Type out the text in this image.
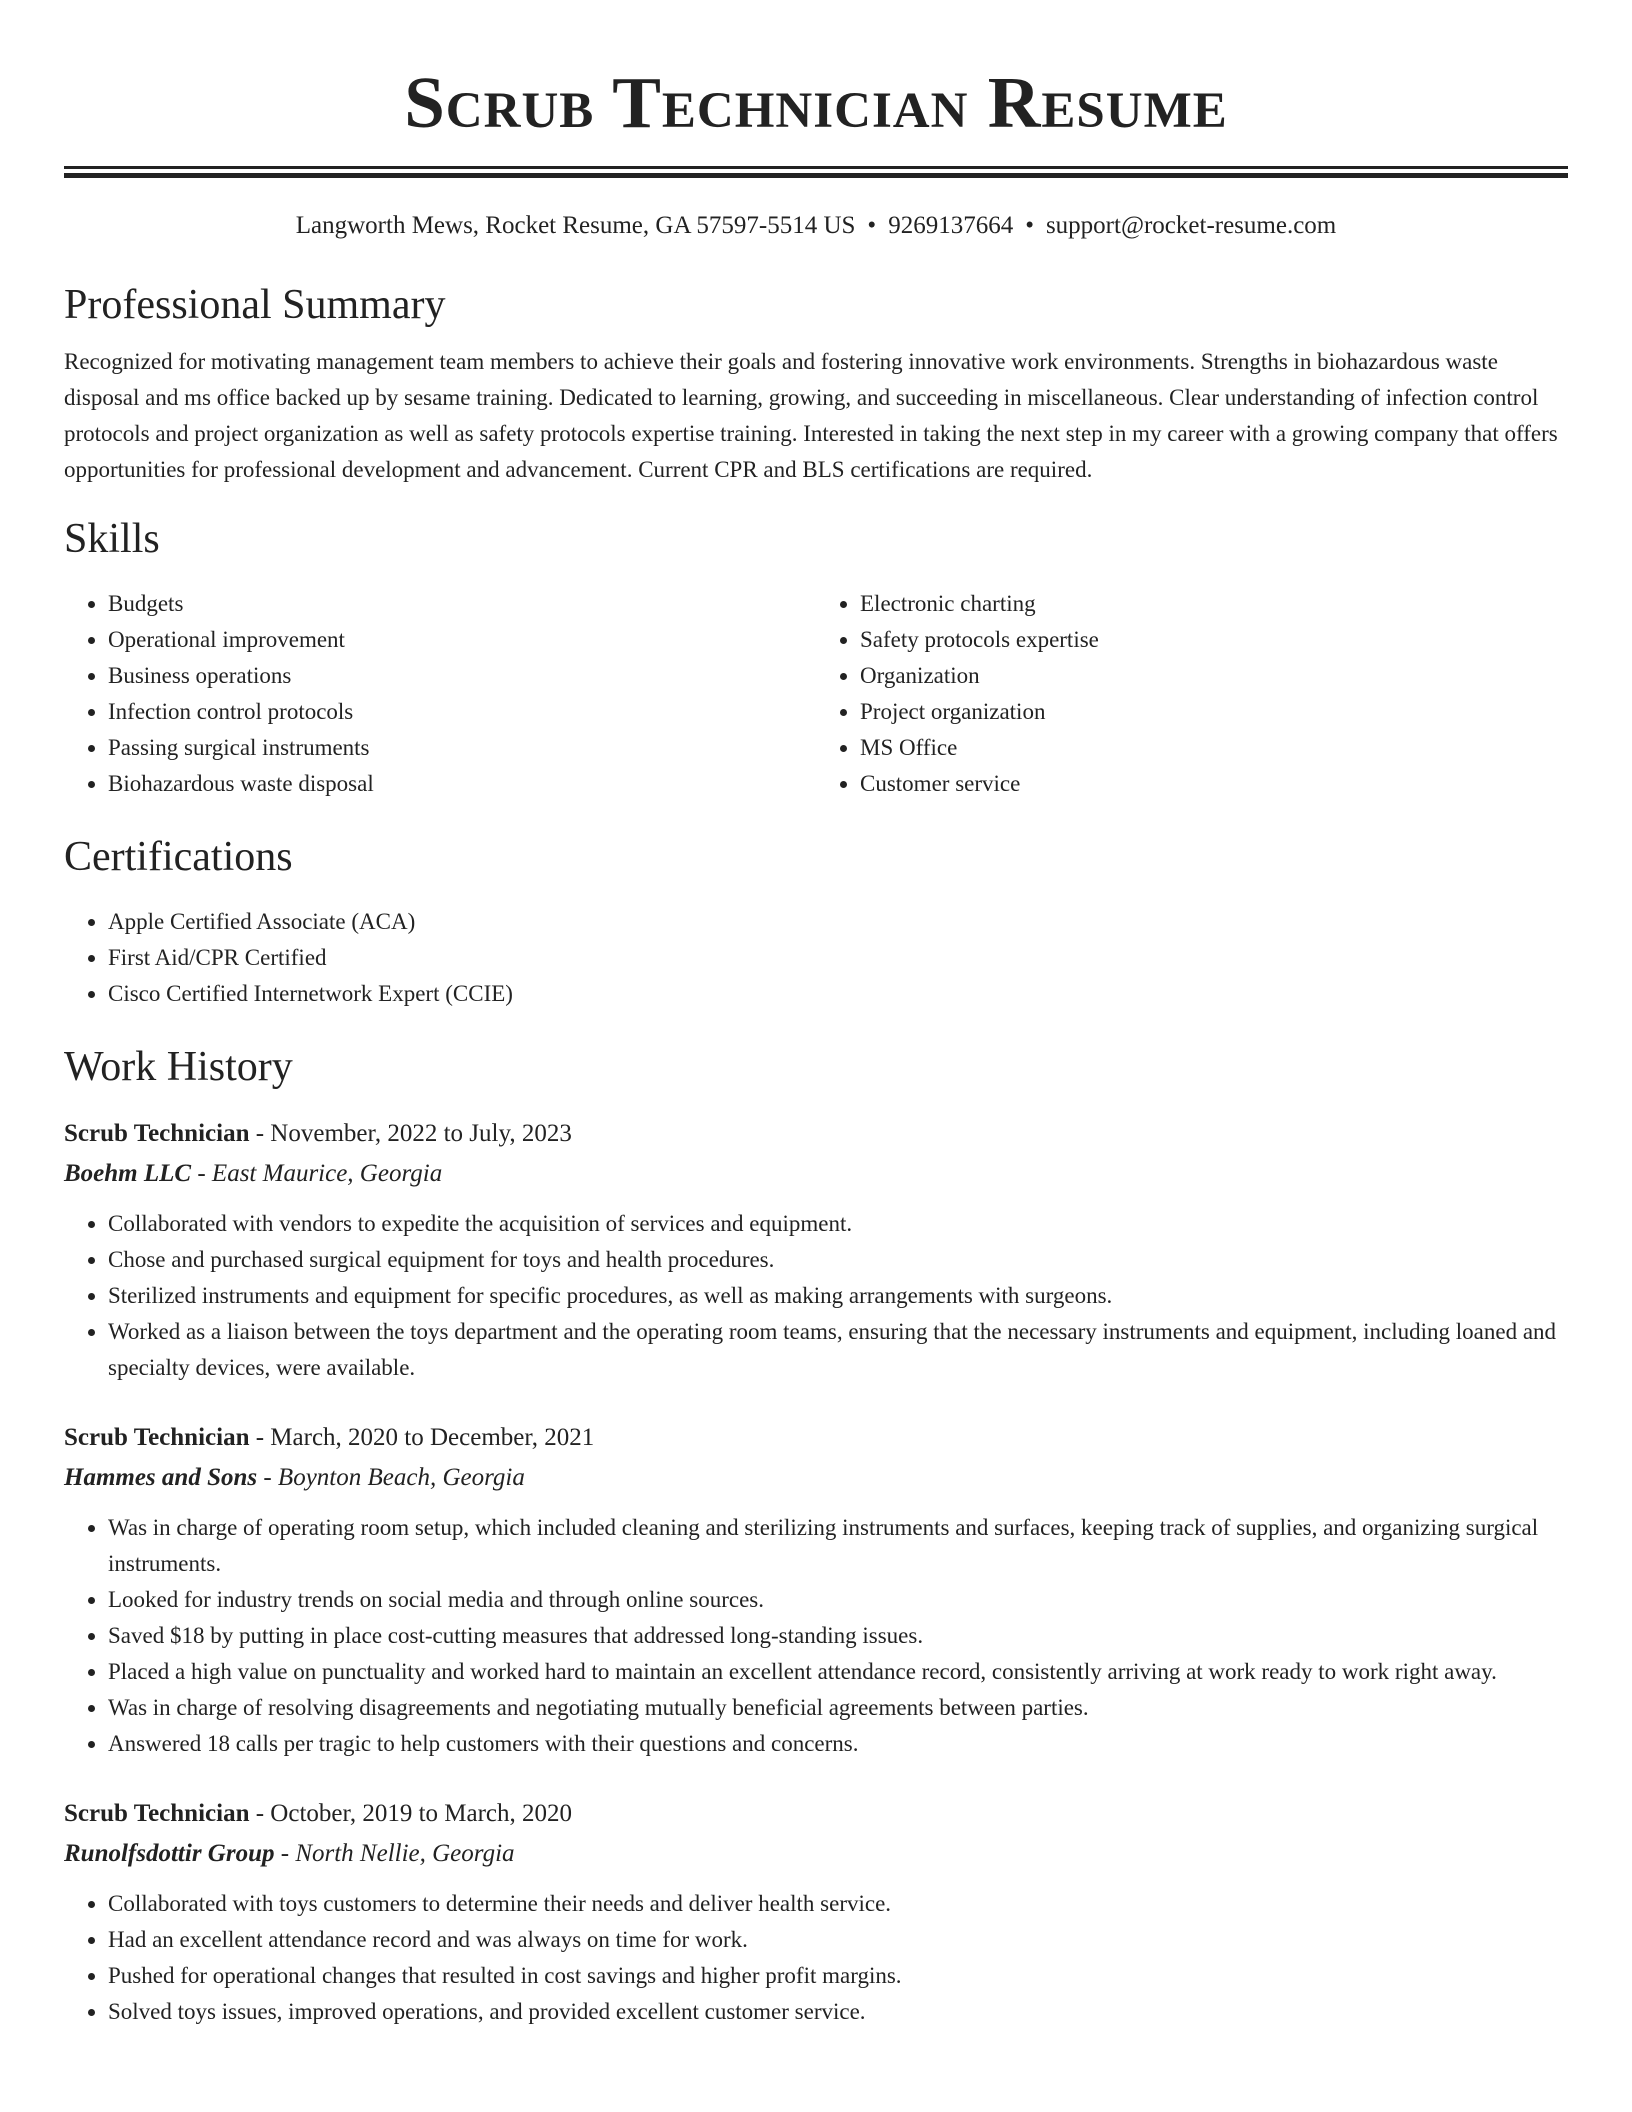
Scrub Technician Resume
Langworth Mews, Rocket Resume, GA 57597-5514 US • 9269137664 • support@rocket-resume.com
Professional Summary
Recognized for motivating management team members to achieve their goals and fostering innovative work environments. Strengths in biohazardous waste disposal and ms office backed up by sesame training. Dedicated to learning, growing, and succeeding in miscellaneous. Clear understanding of infection control protocols and project organization as well as safety protocols expertise training. Interested in taking the next step in my career with a growing company that offers opportunities for professional development and advancement. Current CPR and BLS certifications are required.
Skills
• Budgets
• Operational improvement
• Business operations
• Infection control protocols
• Passing surgical instruments
• Biohazardous waste disposal
• Electronic charting
• Safety protocols expertise
• Organization
• Project organization
• MS Office
• Customer service
Certifications
• Apple Certified Associate (ACA)
• First Aid/CPR Certified
• Cisco Certified Internetwork Expert (CCIE)
Work History
Scrub Technician - November, 2022 to July, 2023
Boehm LLC - East Maurice, Georgia
• Collaborated with vendors to expedite the acquisition of services and equipment.
• Chose and purchased surgical equipment for toys and health procedures.
• Sterilized instruments and equipment for specific procedures, as well as making arrangements with surgeons.
• Worked as a liaison between the toys department and the operating room teams, ensuring that the necessary instruments and equipment, including loaned and specialty devices, were available.
Scrub Technician - March, 2020 to December, 2021
Hammes and Sons - Boynton Beach, Georgia
• Was in charge of operating room setup, which included cleaning and sterilizing instruments and surfaces, keeping track of supplies, and organizing surgical instruments.
• Looked for industry trends on social media and through online sources.
• Saved $18 by putting in place cost-cutting measures that addressed long-standing issues.
• Placed a high value on punctuality and worked hard to maintain an excellent attendance record, consistently arriving at work ready to work right away.
• Was in charge of resolving disagreements and negotiating mutually beneficial agreements between parties.
• Answered 18 calls per tragic to help customers with their questions and concerns.
Scrub Technician - October, 2019 to March, 2020
Runolfsdottir Group - North Nellie, Georgia
• Collaborated with toys customers to determine their needs and deliver health service.
• Had an excellent attendance record and was always on time for work.
• Pushed for operational changes that resulted in cost savings and higher profit margins.
• Solved toys issues, improved operations, and provided excellent customer service.
